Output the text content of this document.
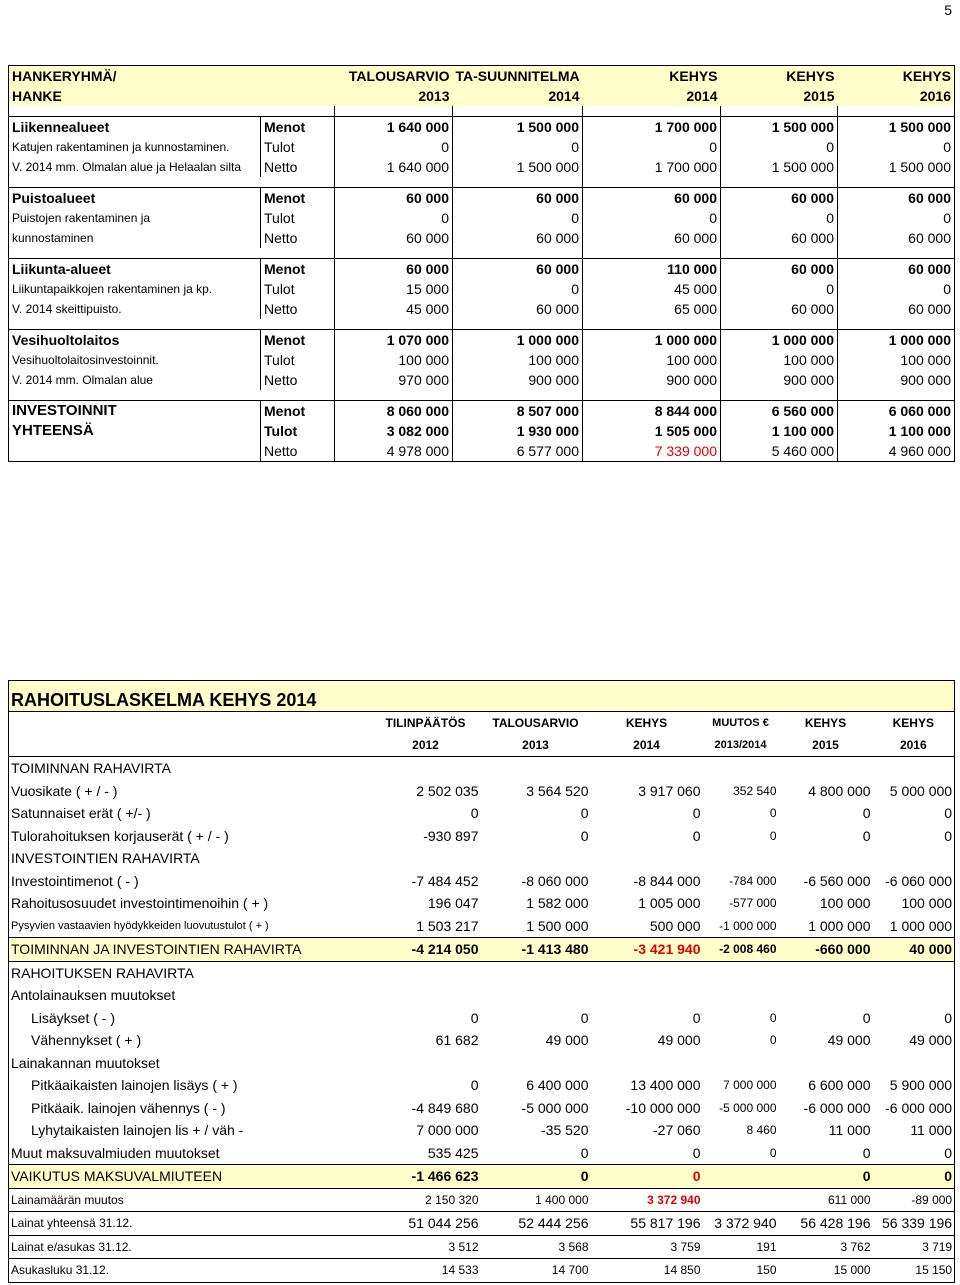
5
HANKERYHMÄ/		TALOUSARVIO	TA-SUUNNITELMA	KEHYS	KEHYS	KEHYS
HANKE		2013	2014	2014	2015	2016

Liikennealueet	Menot	1 640 000	1 500 000	1 700 000	1 500 000	1 500 000
Katujen rakentaminen ja kunnostaminen.	Tulot	0	0	0	0	0
V. 2014 mm. Olmalan alue ja Helaalan silta	Netto	1 640 000	1 500 000	1 700 000	1 500 000	1 500 000

Puistoalueet	Menot	60 000	60 000	60 000	60 000	60 000
Puistojen rakentaminen ja	Tulot	0	0	0	0	0
kunnostaminen	Netto	60 000	60 000	60 000	60 000	60 000

Liikunta-alueet	Menot	60 000	60 000	110 000	60 000	60 000
Liikuntapaikkojen rakentaminen ja kp.	Tulot	15 000	0	45 000	0	0
V. 2014 skeittipuisto.	Netto	45 000	60 000	65 000	60 000	60 000

Vesihuoltolaitos	Menot	1 070 000	1 000 000	1 000 000	1 000 000	1 000 000
Vesihuoltolaitosinvestoinnit.	Tulot	100 000	100 000	100 000	100 000	100 000
V. 2014 mm. Olmalan alue	Netto	970 000	900 000	900 000	900 000	900 000

INVESTOINNIT	Menot	8 060 000	8 507 000	8 844 000	6 560 000	6 060 000
YHTEENSÄ	Tulot	3 082 000	1 930 000	1 505 000	1 100 000	1 100 000
	Netto	4 978 000	6 577 000	7 339 000	5 460 000	4 960 000
RAHOITUSLASKELMA KEHYS 2014						
	TILINPÄÄTÖS	TALOUSARVIO	KEHYS	MUUTOS €	KEHYS	KEHYS
	2012	2013	2014	2013/2014	2015	2016
TOIMINNAN RAHAVIRTA						
Vuosikate ( + / - )	2 502 035	3 564 520	3 917 060	352 540	4 800 000	5 000 000
Satunnaiset erät ( +/- )	0	0	0	0	0	0
Tulorahoituksen korjauserät ( + / - )	-930 897	0	0	0	0	0
INVESTOINTIEN RAHAVIRTA						
Investointimenot ( - )	-7 484 452	-8 060 000	-8 844 000	-784 000	-6 560 000	-6 060 000
Rahoitusosuudet investointimenoihin ( + )	196 047	1 582 000	1 005 000	-577 000	100 000	100 000
Pysyvien vastaavien hyödykkeiden luovutustulot ( + )	1 503 217	1 500 000	500 000	-1 000 000	1 000 000	1 000 000
TOIMINNAN JA INVESTOINTIEN RAHAVIRTA	-4 214 050	-1 413 480	-3 421 940	-2 008 460	-660 000	40 000
RAHOITUKSEN RAHAVIRTA						
Antolainauksen muutokset						
Lisäykset ( - )	0	0	0	0	0	0
Vähennykset ( + )	61 682	49 000	49 000	0	49 000	49 000
Lainakannan muutokset						
Pitkäaikaisten lainojen lisäys ( + )	0	6 400 000	13 400 000	7 000 000	6 600 000	5 900 000
Pitkäaik. lainojen vähennys ( - )	-4 849 680	-5 000 000	-10 000 000	-5 000 000	-6 000 000	-6 000 000
Lyhytaikaisten lainojen lis + / väh -	7 000 000	-35 520	-27 060	8 460	11 000	11 000
Muut maksuvalmiuden muutokset	535 425	0	0	0	0	0
VAIKUTUS MAKSUVALMIUTEEN	-1 466 623	0	0		0	0
Lainamäärän muutos	2 150 320	1 400 000	3 372 940		611 000	-89 000
Lainat yhteensä 31.12.	51 044 256	52 444 256	55 817 196	3 372 940	56 428 196	56 339 196
Lainat e/asukas 31.12.	3 512	3 568	3 759	191	3 762	3 719
Asukasluku 31.12.	14 533	14 700	14 850	150	15 000	15 150
